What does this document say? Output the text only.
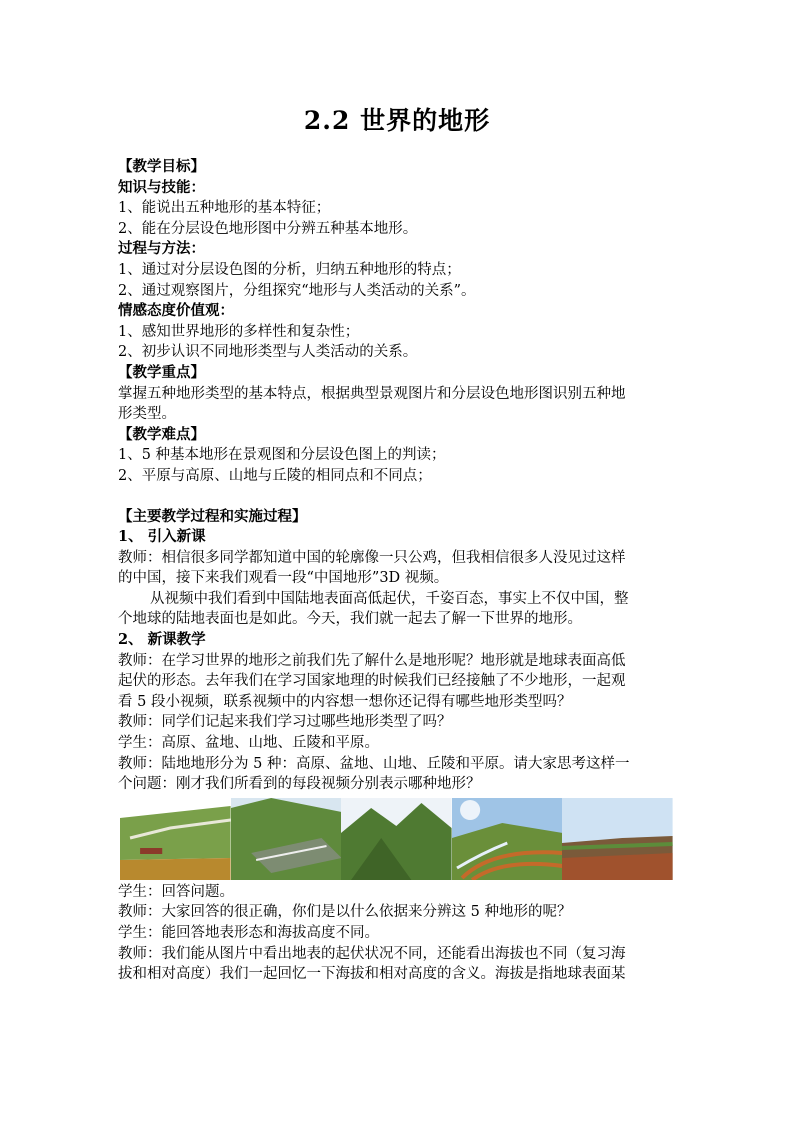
2.2 世界的地形

【教学目标】

知识与技能：

1、能说出五种地形的基本特征；

2、能在分层设色地形图中分辨五种基本地形。

过程与方法：

1、通过对分层设色图的分析，归纳五种地形的特点；

2、通过观察图片，分组探究“地形与人类活动的关系”。

情感态度价值观：

1、感知世界地形的多样性和复杂性；

2、初步认识不同地形类型与人类活动的关系。

【教学重点】

掌握五种地形类型的基本特点，根据典型景观图片和分层设色地形图识别五种地

形类型。

【教学难点】

1、5 种基本地形在景观图和分层设色图上的判读；

2、平原与高原、山地与丘陵的相同点和不同点；

【主要教学过程和实施过程】

1、 引入新课

教师：相信很多同学都知道中国的轮廓像一只公鸡，但我相信很多人没见过这样

的中国，接下来我们观看一段“中国地形”3D 视频。

从视频中我们看到中国陆地表面高低起伏，千姿百态，事实上不仅中国，整

个地球的陆地表面也是如此。今天，我们就一起去了解一下世界的地形。

2、 新课教学

教师：在学习世界的地形之前我们先了解什么是地形呢？地形就是地球表面高低

起伏的形态。去年我们在学习国家地理的时候我们已经接触了不少地形，一起观

看 5 段小视频，联系视频中的内容想一想你还记得有哪些地形类型吗？

教师：同学们记起来我们学习过哪些地形类型了吗？

学生：高原、盆地、山地、丘陵和平原。

教师：陆地地形分为 5 种：高原、盆地、山地、丘陵和平原。请大家思考这样一

个问题：刚才我们所看到的每段视频分别表示哪种地形？

学生：回答问题。

教师：大家回答的很正确，你们是以什么依据来分辨这 5 种地形的呢？

学生：能回答地表形态和海拔高度不同。

教师：我们能从图片中看出地表的起伏状况不同，还能看出海拔也不同（复习海

拔和相对高度）我们一起回忆一下海拔和相对高度的含义。海拔是指地球表面某
